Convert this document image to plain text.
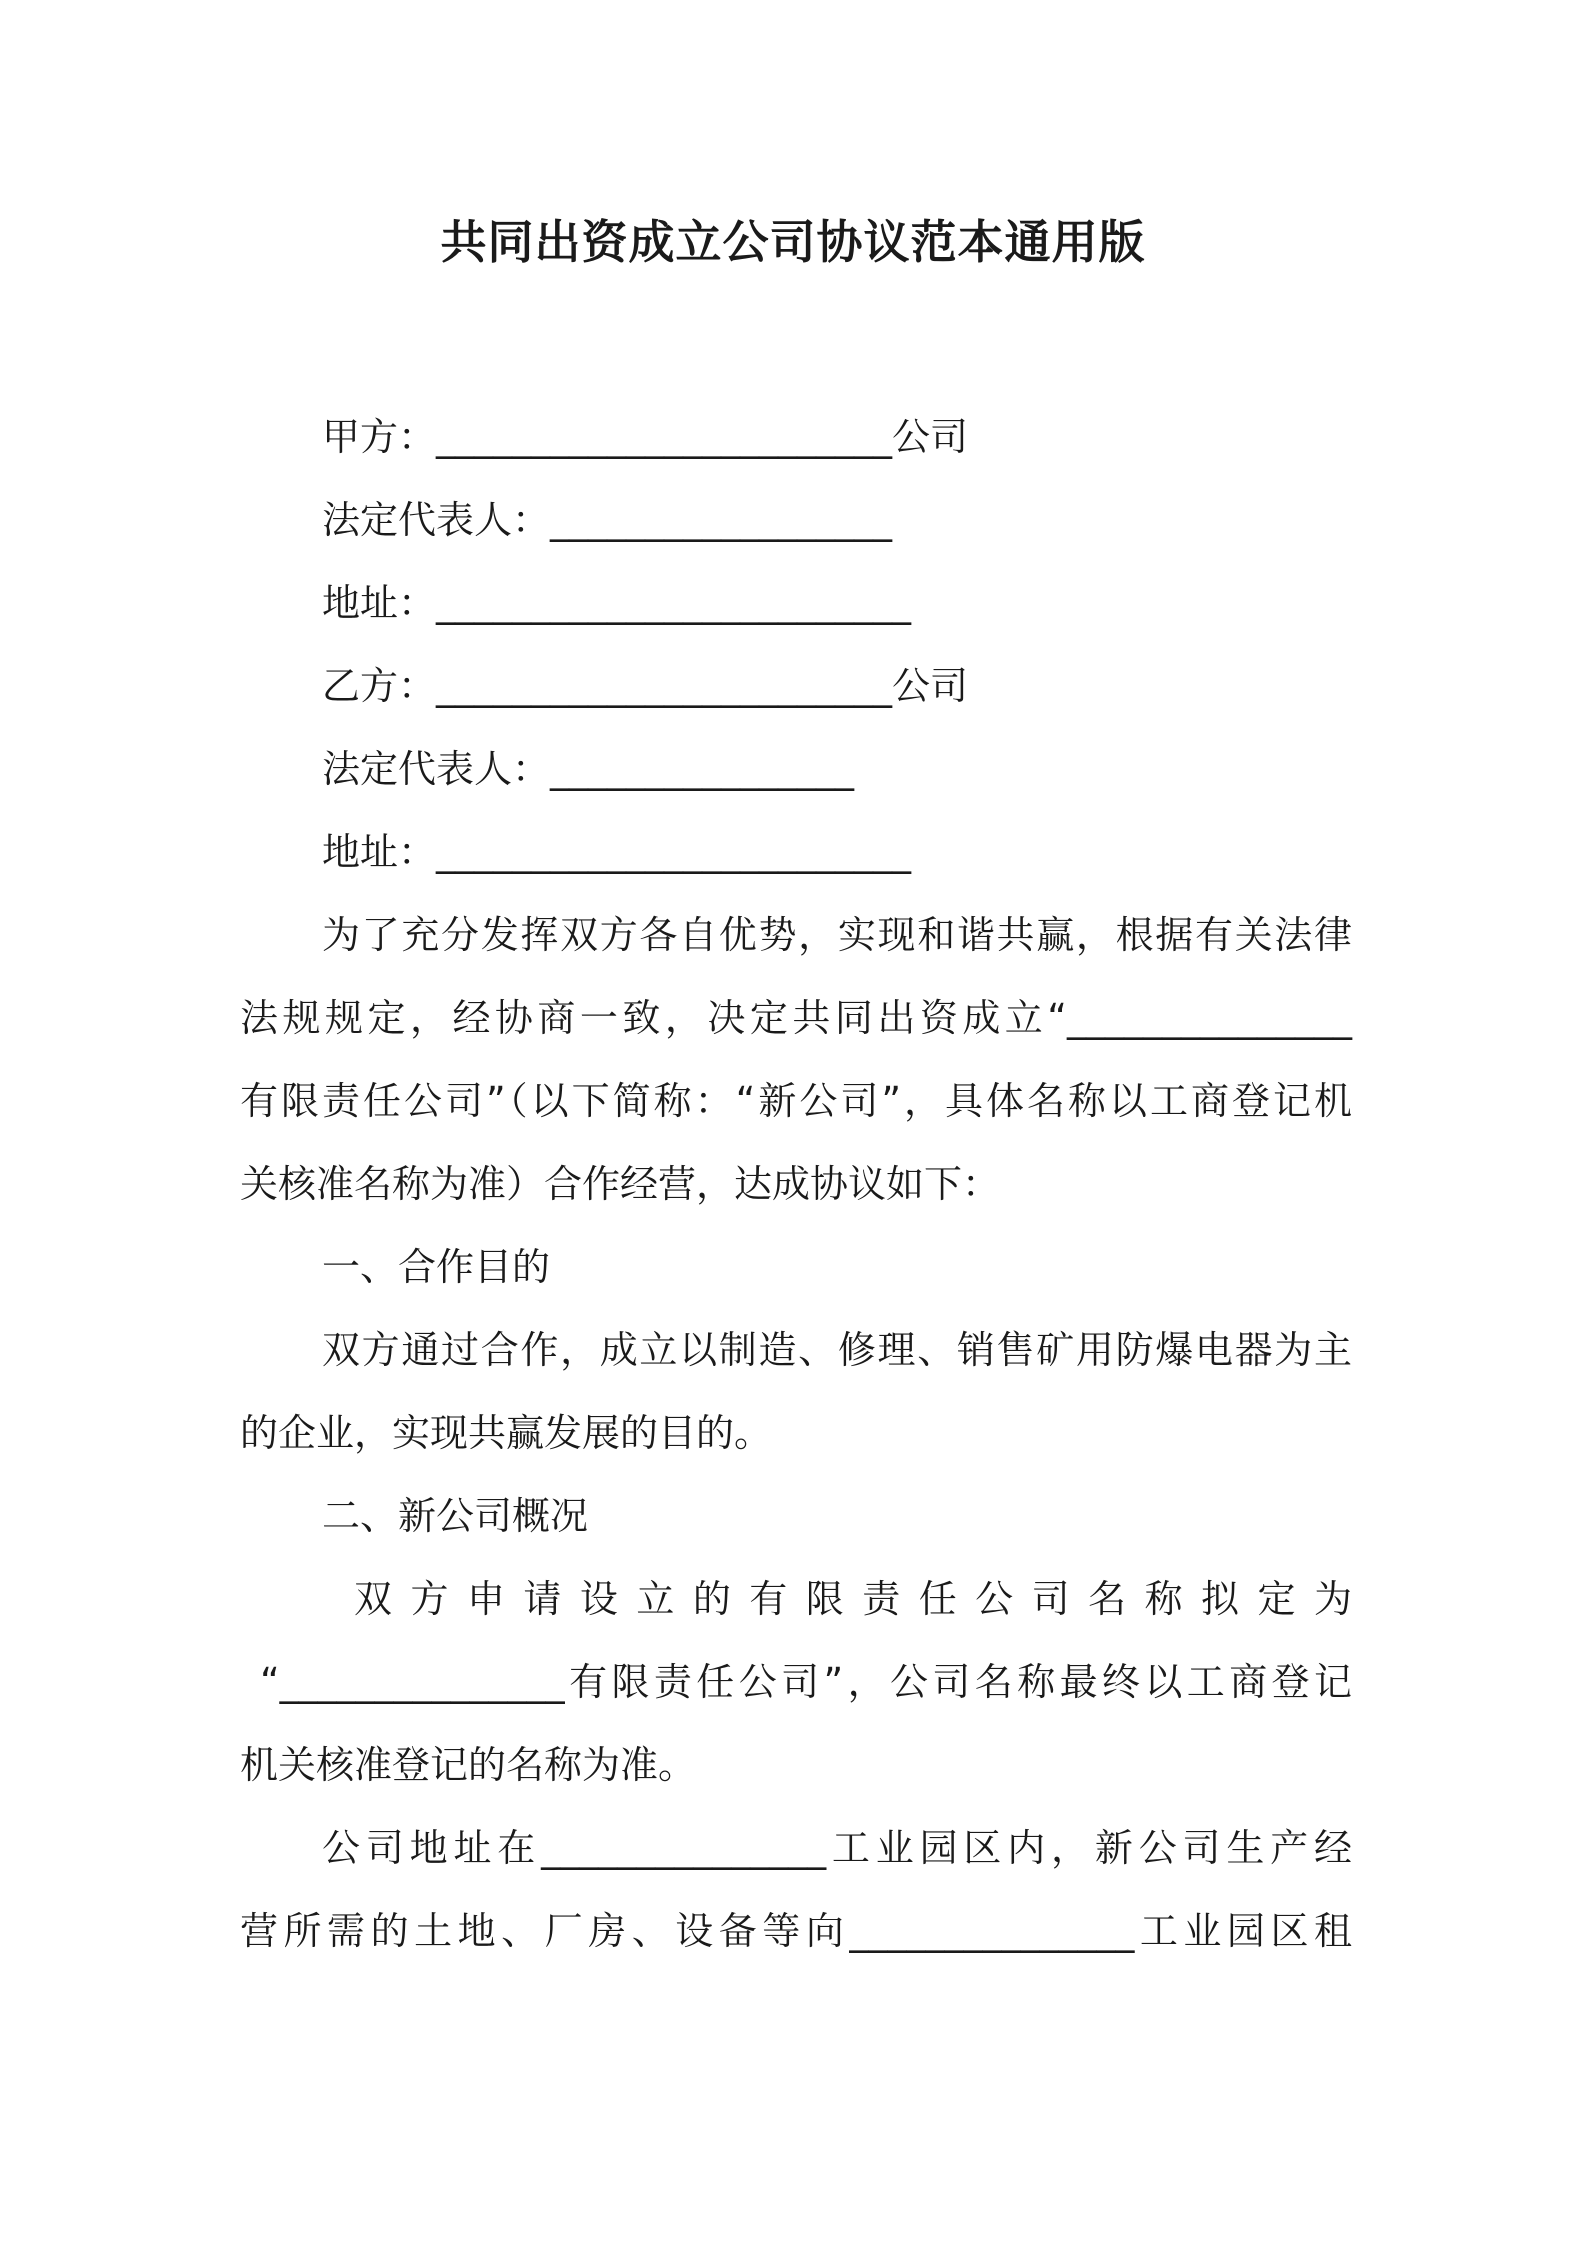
共同出资成立公司协议范本通用版

甲方：________________________公司

法定代表人：__________________

地址：_________________________

乙方：________________________公司

法定代表人：________________

地址：_________________________

为了充分发挥双方各自优势，实现和谐共赢，根据有关法律

法规规定，经协商一致，决定共同出资成立“_______________

有限责任公司”（以下简称：“新公司”，具体名称以工商登记机

关核准名称为准）合作经营，达成协议如下：

一、合作目的

双方通过合作，成立以制造、修理、销售矿用防爆电器为主

的企业，实现共赢发展的目的。

二、新公司概况

双方申请设立的有限责任公司名称拟定为

“_______________有限责任公司”，公司名称最终以工商登记

机关核准登记的名称为准。

公司地址在_______________工业园区内，新公司生产经

营所需的土地、厂房、设备等向_______________工业园区租
